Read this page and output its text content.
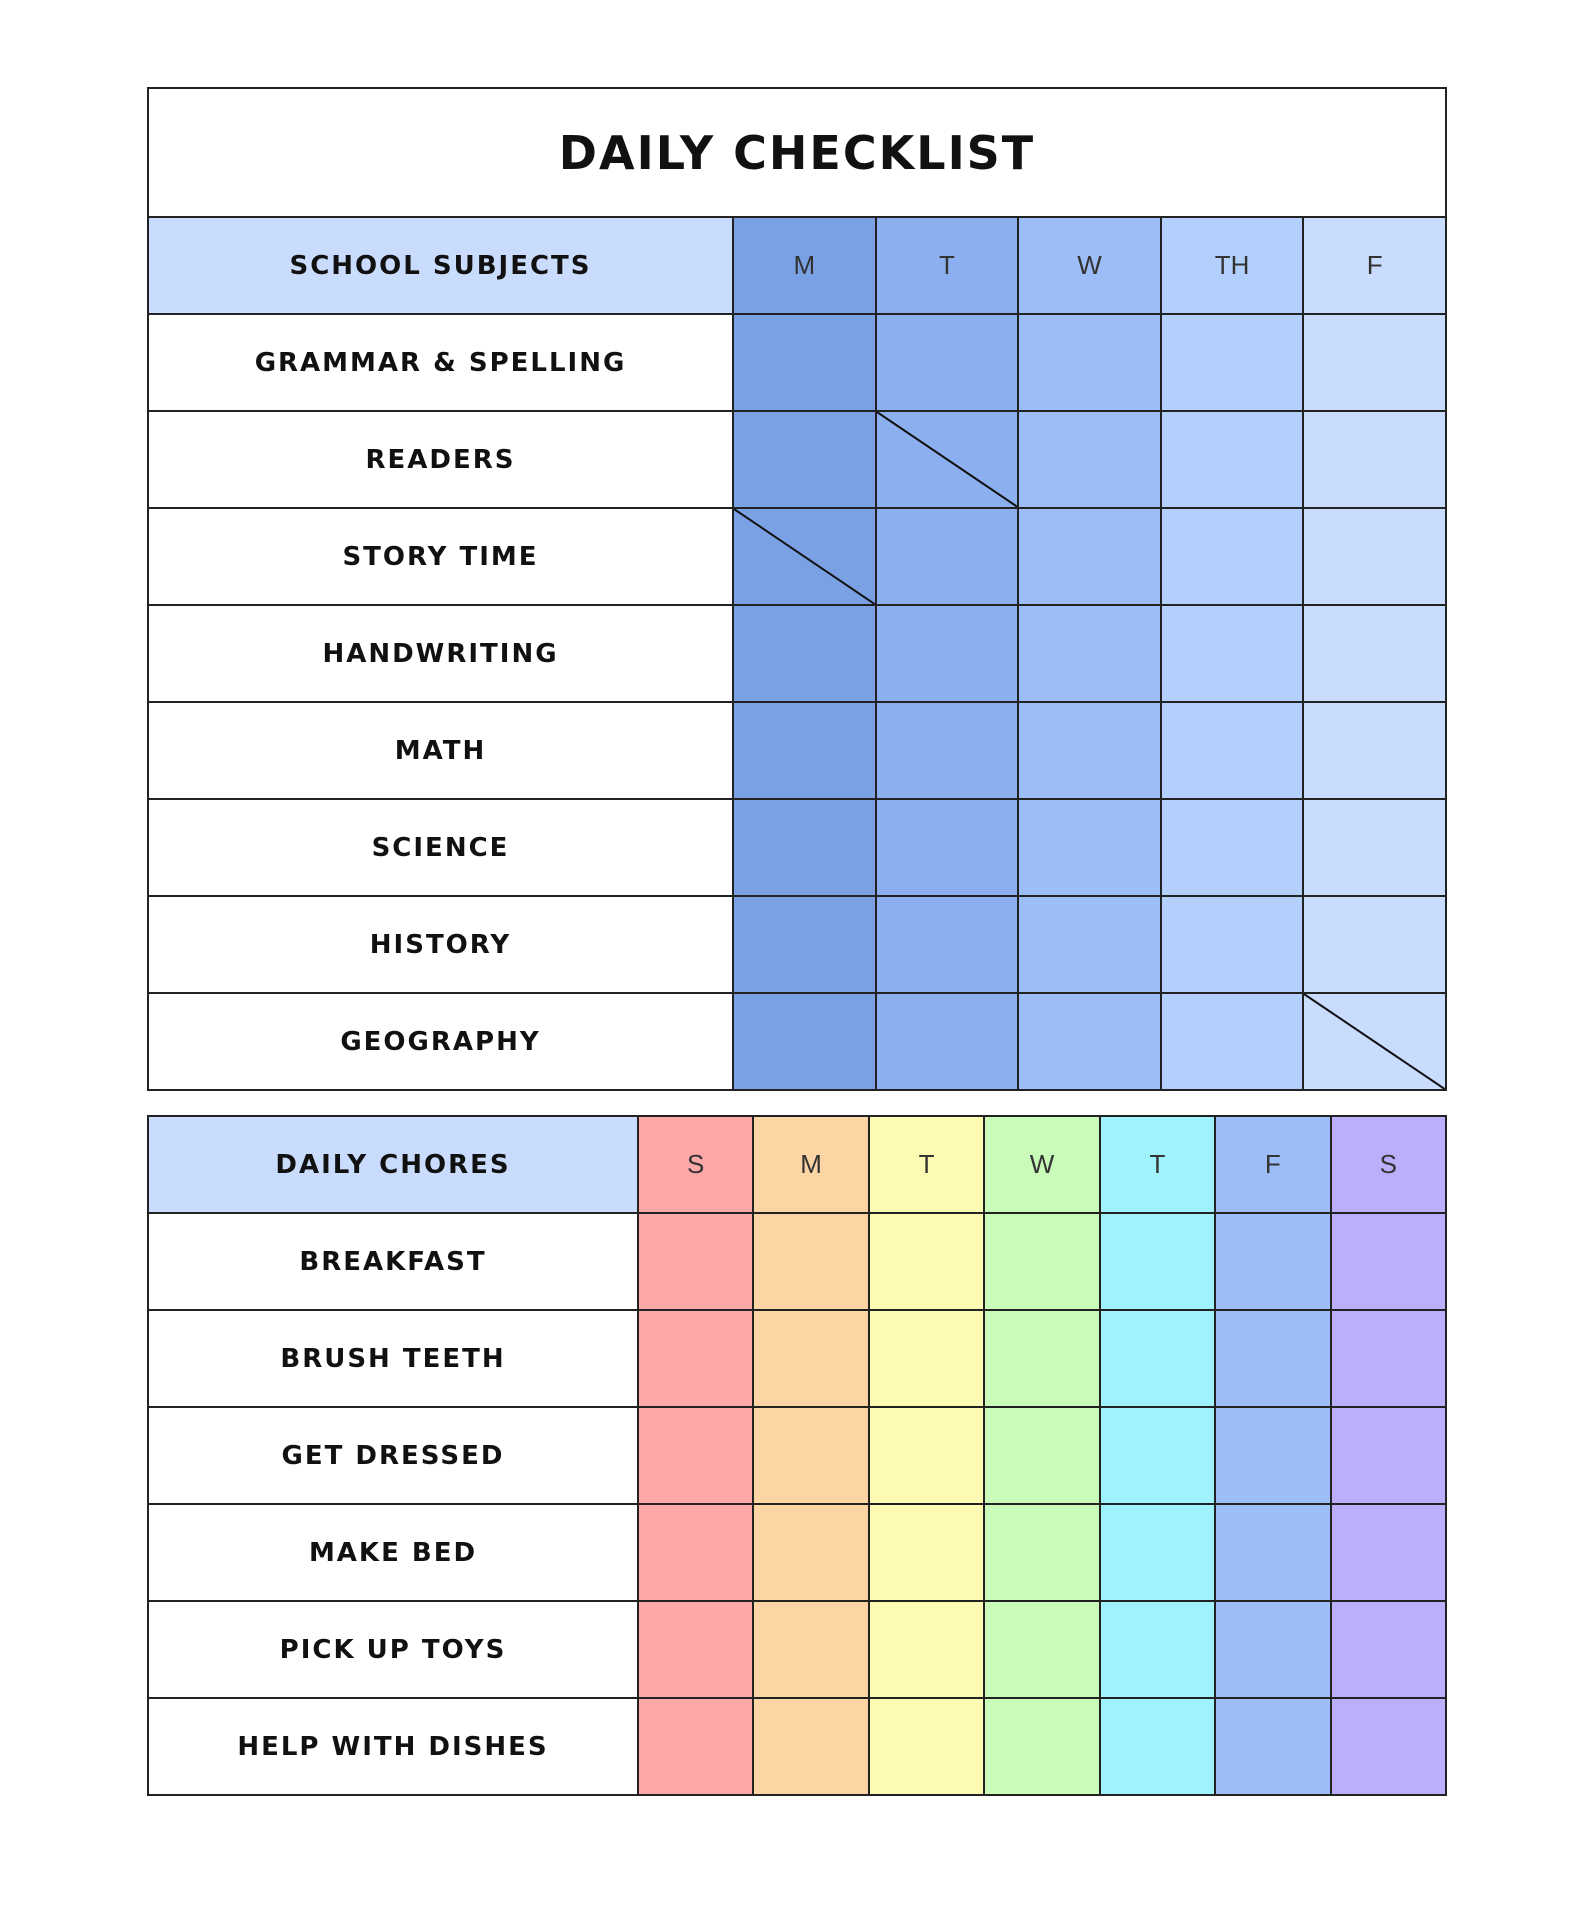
DAILY CHECKLIST
SCHOOL SUBJECTS	M	T	W	TH	F
GRAMMAR & SPELLING					
READERS		

STORY TIME	

HANDWRITING					
MATH					
SCIENCE					
HISTORY					
GEOGRAPHY					
DAILY CHORES	S	M	T	W	T	F	S
BREAKFAST							
BRUSH TEETH							
GET DRESSED							
MAKE BED							
PICK UP TOYS							
HELP WITH DISHES							
